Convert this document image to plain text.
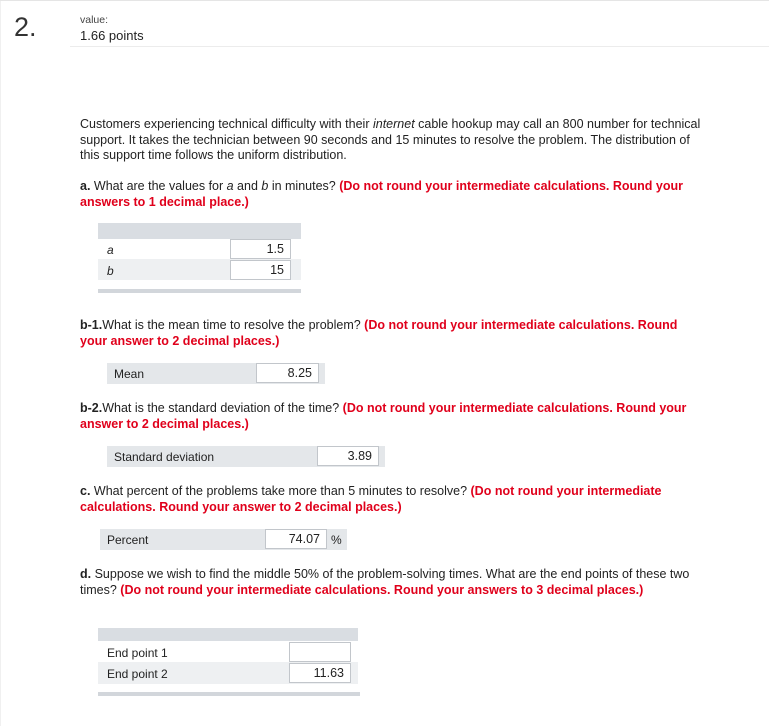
2.	value:
1.66 points

Customers experiencing technical difficulty with their internet cable hookup may call an 800 number for technical support. It takes the technician between 90 seconds and 15 minutes to resolve the problem. The distribution of this support time follows the uniform distribution.

a. What are the values for a and b in minutes? (Do not round your intermediate calculations. Round your answers to 1 decimal place.)
a	1.5
b	15
b-1.What is the mean time to resolve the problem? (Do not round your intermediate calculations. Round your answer to 2 decimal places.)
Mean	8.25
b-2.What is the standard deviation of the time? (Do not round your intermediate calculations. Round your answer to 2 decimal places.)
Standard deviation	3.89
c. What percent of the problems take more than 5 minutes to resolve? (Do not round your intermediate calculations. Round your answer to 2 decimal places.)
Percent	74.07 %
d. Suppose we wish to find the middle 50% of the problem-solving times. What are the end points of these two times? (Do not round your intermediate calculations. Round your answers to 3 decimal places.)
End point 1
End point 2	11.63
